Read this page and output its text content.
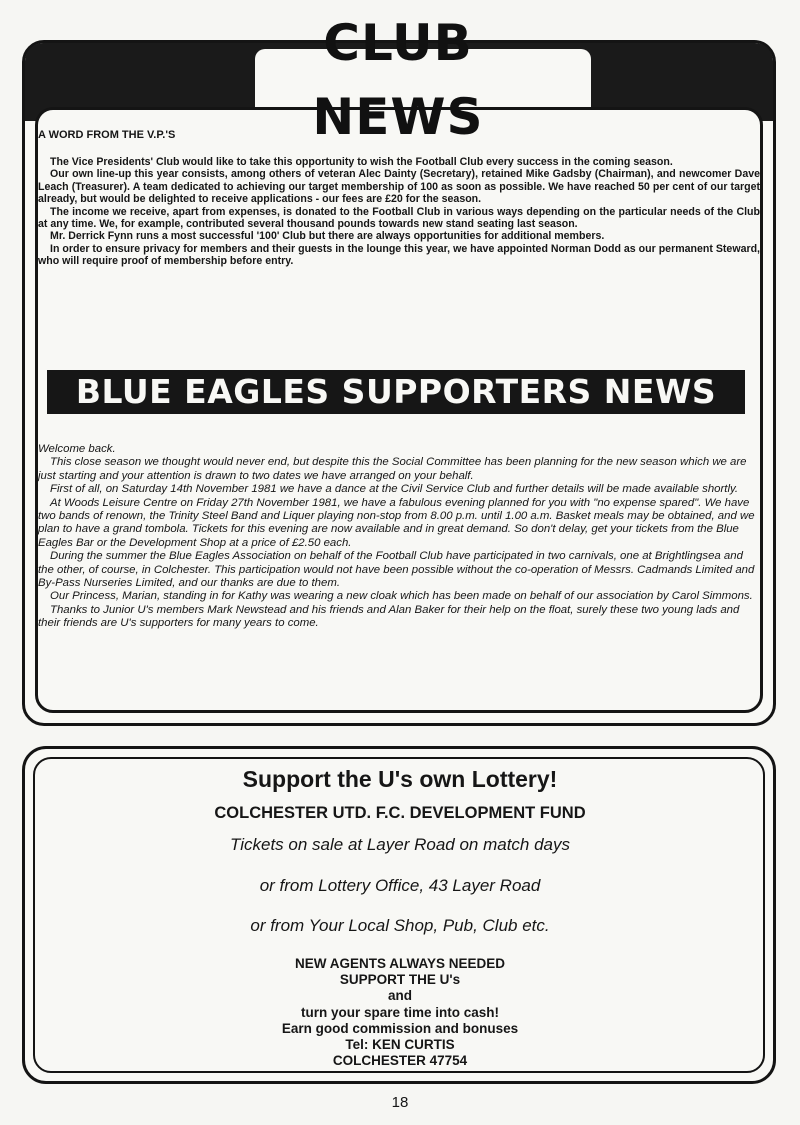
CLUB NEWS
A WORD FROM THE V.P.'S

The Vice Presidents' Club would like to take this opportunity to wish the Football Club every success in the coming season.

Our own line-up this year consists, among others of veteran Alec Dainty (Secretary), retained Mike Gadsby (Chairman), and newcomer Dave Leach (Treasurer). A team dedicated to achieving our target membership of 100 as soon as possible. We have reached 50 per cent of our target already, but would be delighted to receive applications - our fees are £20 for the season.

The income we receive, apart from expenses, is donated to the Football Club in various ways depending on the particular needs of the Club at any time. We, for example, contributed several thousand pounds towards new stand seating last season.

Mr. Derrick Fynn runs a most successful '100' Club but there are always opportunities for additional members.

In order to ensure privacy for members and their guests in the lounge this year, we have appointed Norman Dodd as our permanent Steward, who will require proof of membership before entry.

BLUE EAGLES SUPPORTERS NEWS

Welcome back.

This close season we thought would never end, but despite this the Social Committee has been planning for the new season which we are just starting and your attention is drawn to two dates we have arranged on your behalf.

First of all, on Saturday 14th November 1981 we have a dance at the Civil Service Club and further details will be made available shortly.

At Woods Leisure Centre on Friday 27th November 1981, we have a fabulous evening planned for you with "no expense spared". We have two bands of renown, the Trinity Steel Band and Liquer playing non-stop from 8.00 p.m. until 1.00 a.m. Basket meals may be obtained, and we plan to have a grand tombola. Tickets for this evening are now available and in great demand. So don't delay, get your tickets from the Blue Eagles Bar or the Development Shop at a price of £2.50 each.

During the summer the Blue Eagles Association on behalf of the Football Club have participated in two carnivals, one at Brightlingsea and the other, of course, in Colchester. This participation would not have been possible without the co-operation of Messrs. Cadmands Limited and By-Pass Nurseries Limited, and our thanks are due to them.

Our Princess, Marian, standing in for Kathy was wearing a new cloak which has been made on behalf of our association by Carol Simmons.

Thanks to Junior U's members Mark Newstead and his friends and Alan Baker for their help on the float, surely these two young lads and their friends are U's supporters for many years to come.

Support the U's own Lottery!
COLCHESTER UTD. F.C. DEVELOPMENT FUND

Tickets on sale at Layer Road on match days

or from Lottery Office, 43 Layer Road

or from Your Local Shop, Pub, Club etc.

NEW AGENTS ALWAYS NEEDED
SUPPORT THE U's
and
turn your spare time into cash!
Earn good commission and bonuses
Tel: KEN CURTIS
COLCHESTER 47754
18
